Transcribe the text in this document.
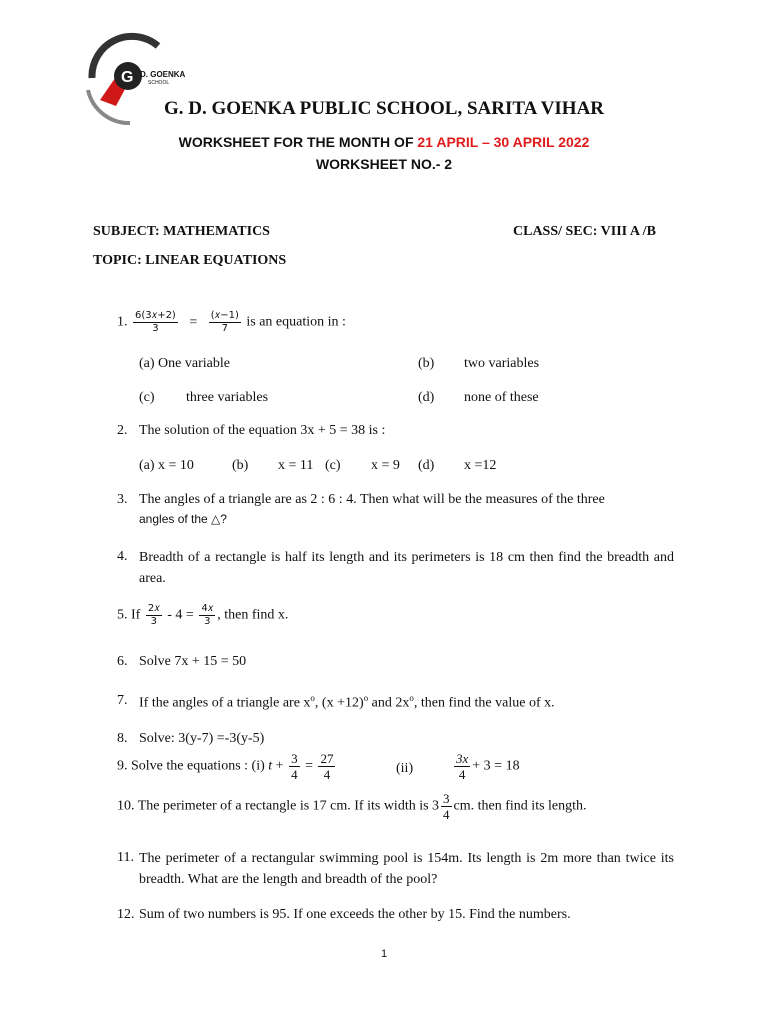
G D. GOENKA
SCHOOL
G. D. GOENKA PUBLIC SCHOOL, SARITA VIHAR
WORKSHEET FOR THE MONTH OF 21 APRIL – 30 APRIL 2022
WORKSHEET NO.- 2
SUBJECT: MATHEMATICS	CLASS/ SEC: VIII A /B
TOPIC: LINEAR EQUATIONS
1. $\frac{\text{6(3𝑥+2)}}{3} = \frac{\text{(𝑥−1)}}{7}$ is an equation in :
(a) One variable	(b) two variables
(c) three variables	(d) none of these
2. The solution of the equation 3x + 5 = 38 is :
(a) x = 10	(b) x = 11 (c) x = 9 (d) x =12
3. The angles of a triangle are as 2 : 6 : 4. Then what will be the measures of the three
angles of the △?
4. Breadth of a rectangle is half its length and its perimeters is 18 cm then find the breadth and area.
5. If $\frac{\text{2𝑥}}{3} - 4 = \frac{\text{4𝑥}}{3}$ , then find x.
6. Solve 7x + 15 = 50
7. If the angles of a triangle are $x^o$, $(x +12)^o$ and $2x^o$, then find the value of x.
8. Solve: 3(y-7) =-3(y-5)
9. Solve the equations : (i) $t + \frac{3}{4} = \frac{27}{4}$	(ii)	$\frac{3x}{4} + 3 = 18$
10. The perimeter of a rectangle is 17 cm. If its width is $3 \frac{3}{4}$ cm. then find its length.
11. The perimeter of a rectangular swimming pool is 154m. Its length is 2m more than twice its breadth. What are the length and breadth of the pool?
12. Sum of two numbers is 95. If one exceeds the other by 15. Find the numbers.
1
